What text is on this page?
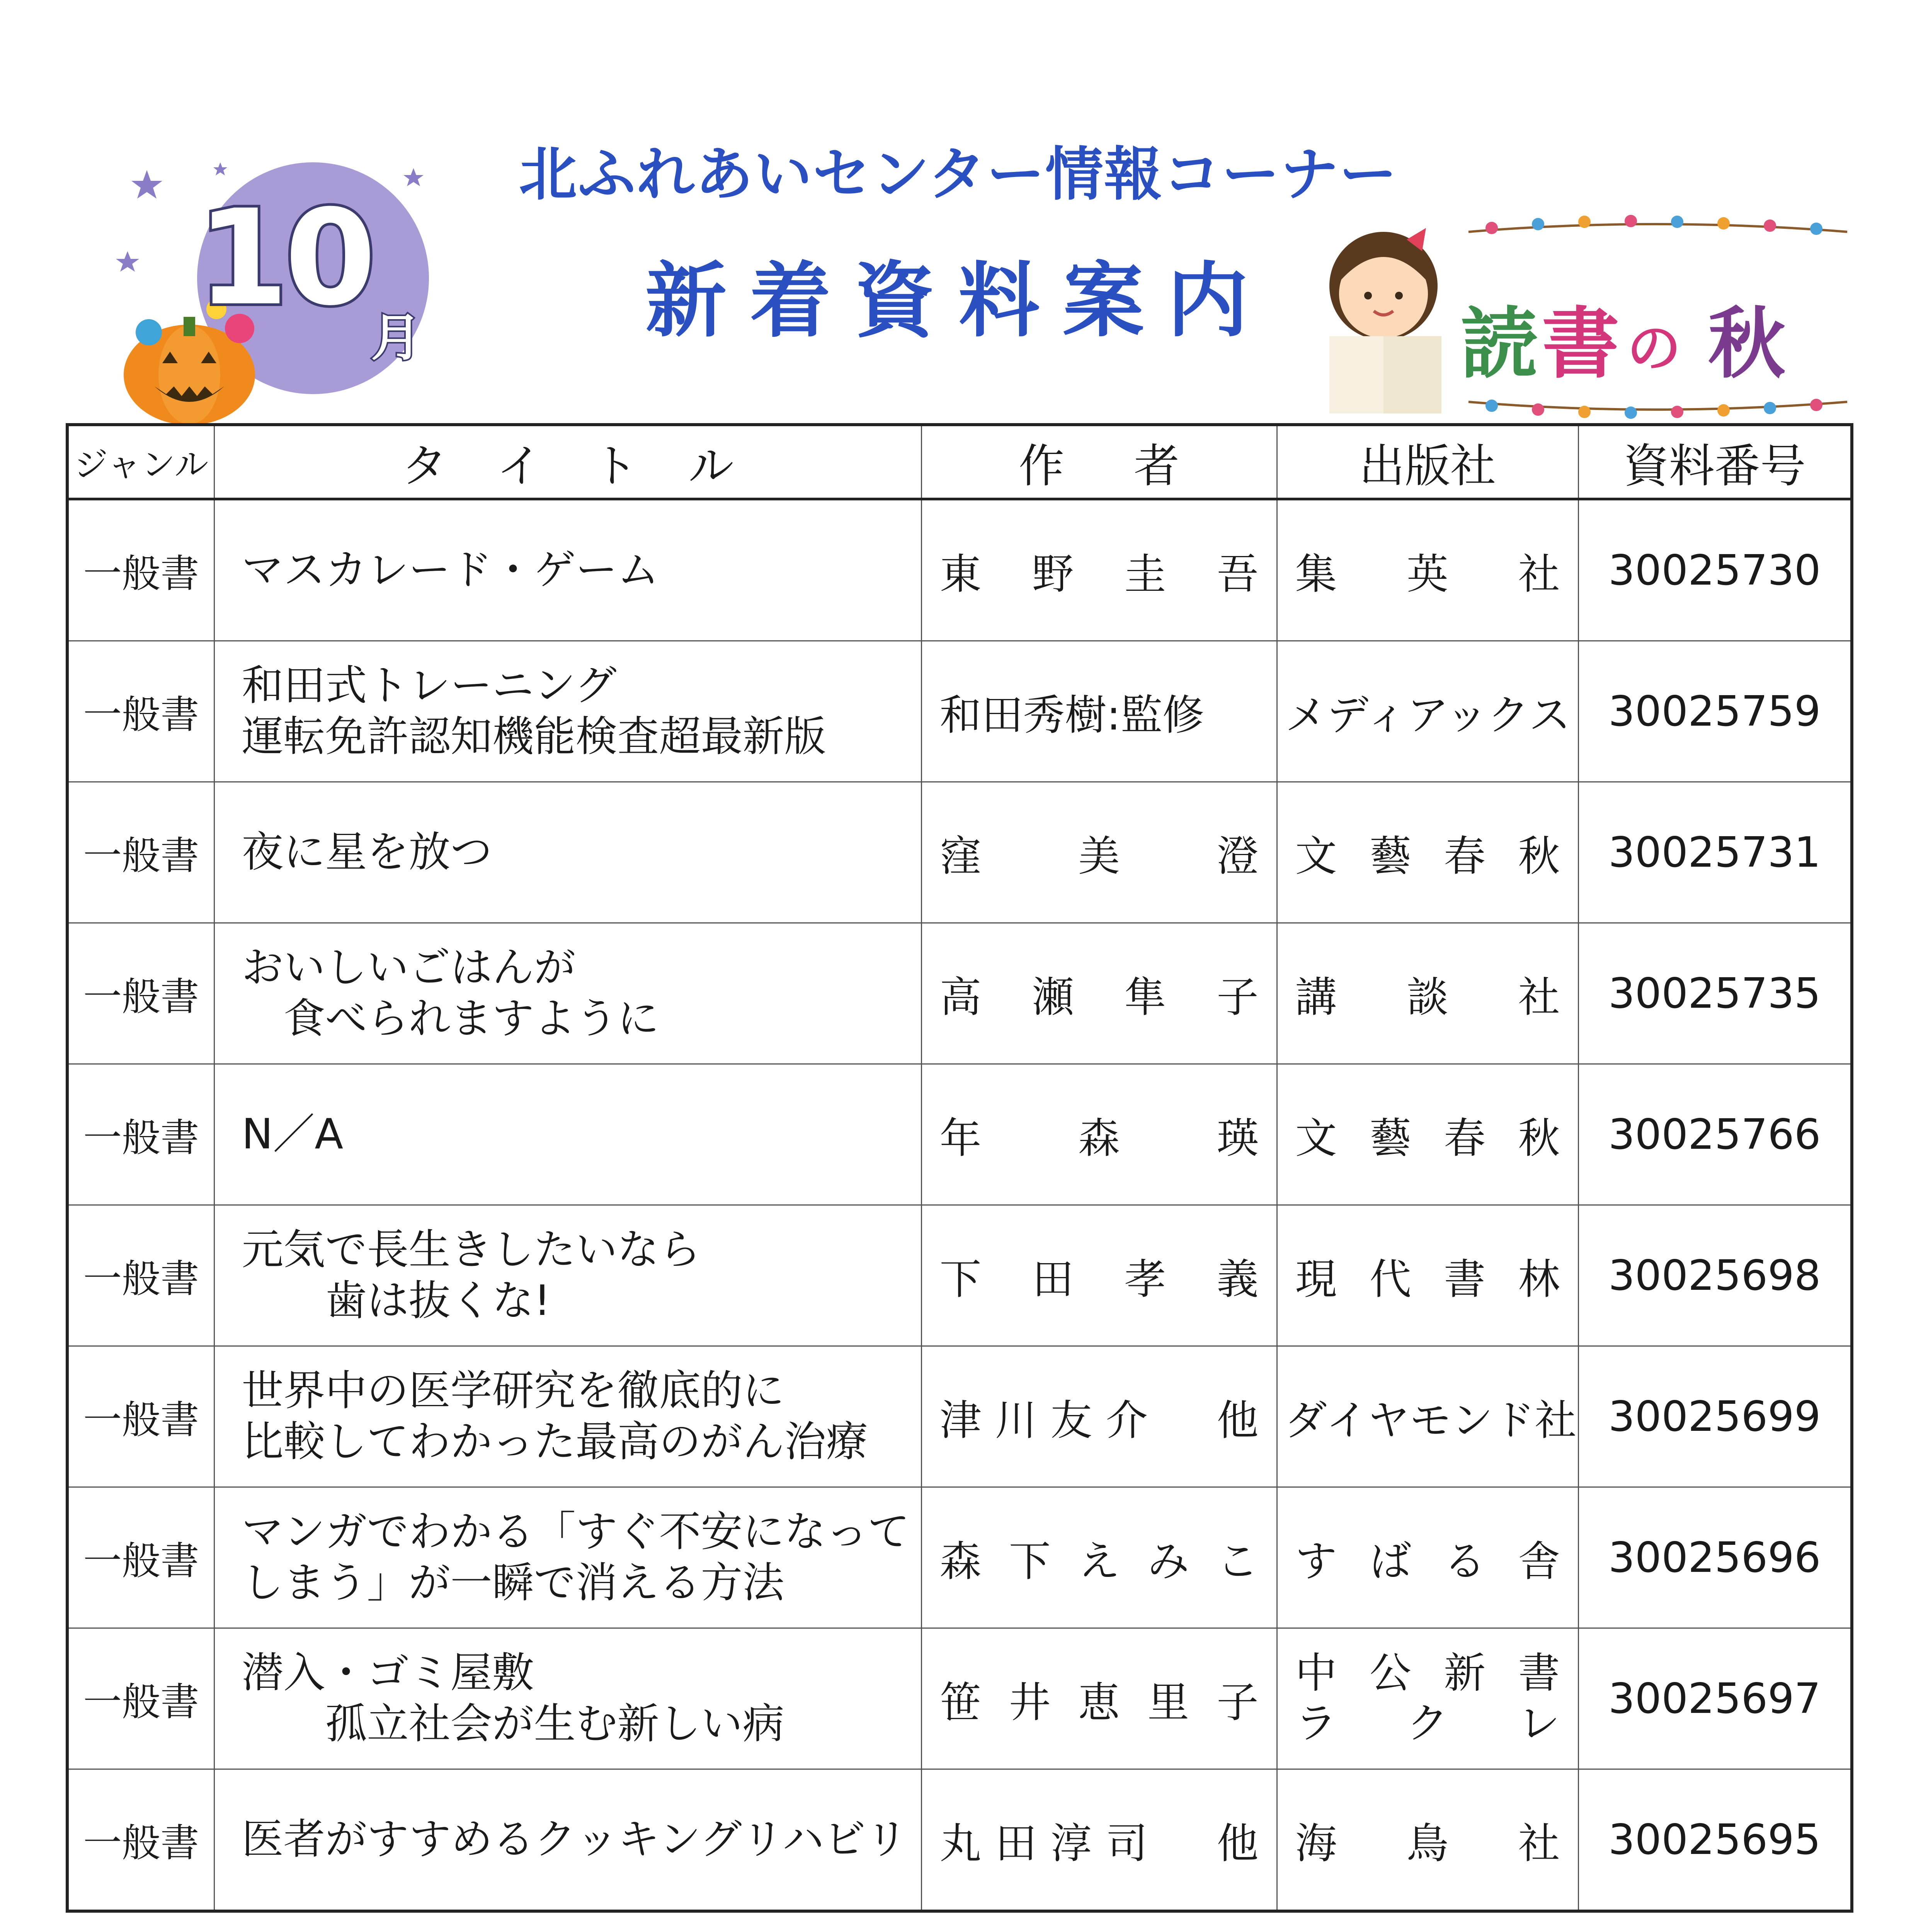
10
月
北ふれあいセンター情報コーナー
新着資料案内	読 書 の 秋
ジャンル	タイトル	作者	出版社	資料番号
一般書	マスカレード・ゲーム	東野圭吾	集英社	30025730
一般書	和田式トレーニング
運転免許認知機能検査超最新版	和田秀樹:監修	メディアックス	30025759
一般書	夜に星を放つ	窪美澄	文藝春秋	30025731
一般書	おいしいごはんが
　食べられますように	高瀬隼子	講談社	30025735
一般書	N／A	年森瑛	文藝春秋	30025766
一般書	元気で長生きしたいなら
　　歯は抜くな!	下田孝義	現代書林	30025698
一般書	世界中の医学研究を徹底的に
比較してわかった最高のがん治療	津川友介　他	ダイヤモンド社	30025699
一般書	マンガでわかる「すぐ不安になって
しまう」が一瞬で消える方法	森下えみこ	すばる舎	30025696
一般書	潜入・ゴミ屋敷
　　孤立社会が生む新しい病	笹井恵里子	中公新書
ラクレ	30025697
一般書	医者がすすめるクッキングリハビリ	丸田淳司　他	海鳥社	30025695
